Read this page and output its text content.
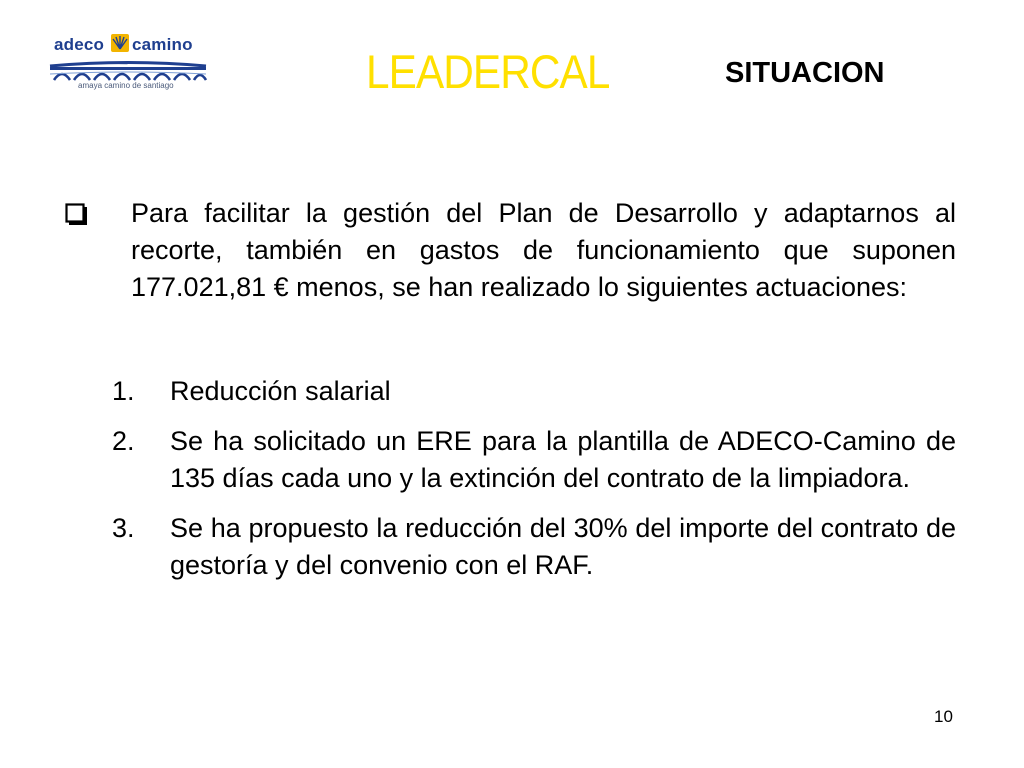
adeco camino
amaya camino de santiago	LEADERCAL	SITUACION

Para facilitar la gestión del Plan de Desarrollo y adaptarnos al recorte, también en gastos de funcionamiento que suponen 177.021,81 € menos, se han realizado lo siguientes actuaciones:

1.	Reducción salarial
2.	Se ha solicitado un ERE para la plantilla de ADECO-Camino de 135 días cada uno y la extinción del contrato de la limpiadora.
3.	Se ha propuesto la reducción del 30% del importe del contrato de gestoría y del convenio con el RAF.
10
